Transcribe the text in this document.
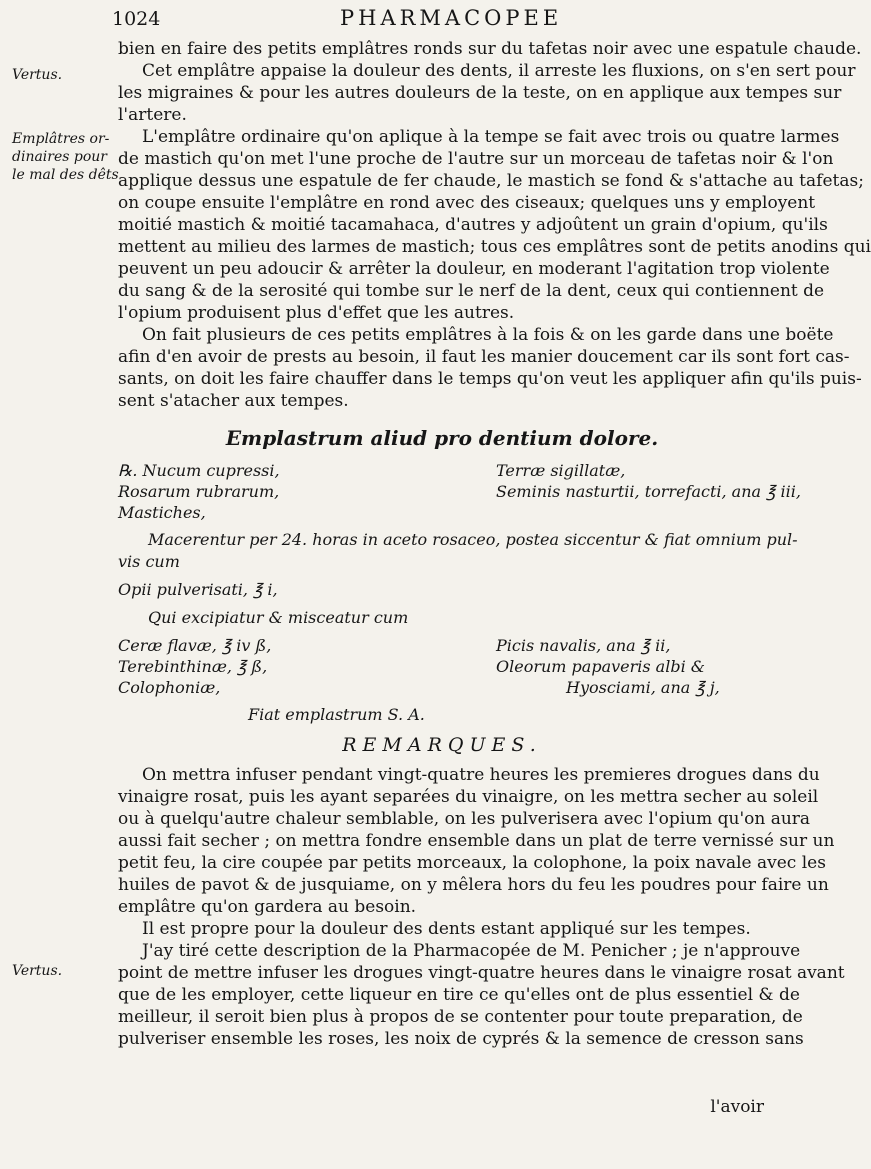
1024	PHARMACOPEE
Vertus.
Emplâtres or-
dinaires pour
le mal des dêts
Vertus.
bien en faire des petits emplâtres ronds sur du tafetas noir avec une espatule chaude.
Cet emplâtre appaise la douleur des dents, il arreste les fluxions, on s'en sert pour
les migraines & pour les autres douleurs de la teste, on en applique aux tempes sur
l'artere.
L'emplâtre ordinaire qu'on aplique à la tempe se fait avec trois ou quatre larmes
de mastich qu'on met l'une proche de l'autre sur un morceau de tafetas noir & l'on
applique dessus une espatule de fer chaude, le mastich se fond & s'attache au tafetas;
on coupe ensuite l'emplâtre en rond avec des ciseaux; quelques uns y employent
moitié mastich & moitié tacamahaca, d'autres y adjoûtent un grain d'opium, qu'ils
mettent au milieu des larmes de mastich; tous ces emplâtres sont de petits anodins qui
peuvent un peu adoucir & arrêter la douleur, en moderant l'agitation trop violente
du sang & de la serosité qui tombe sur le nerf de la dent, ceux qui contiennent de
l'opium produisent plus d'effet que les autres.
On fait plusieurs de ces petits emplâtres à la fois & on les garde dans une boëte
afin d'en avoir de prests au besoin, il faut les manier doucement car ils sont fort cas-
sants, on doit les faire chauffer dans le temps qu'on veut les appliquer afin qu'ils puis-
sent s'atacher aux tempes.
Emplastrum aliud pro dentium dolore.
℞. Nucum cupressi,	Terræ sigillatæ,
Rosarum rubrarum,	Seminis nasturtii, torrefacti, ana ℥ iii,
Mastiches,
Macerentur per 24. horas in aceto rosaceo, postea siccentur & fiat omnium pul-
vis cum
Opii pulverisati, ℥ i,
Qui excipiatur & misceatur cum
Ceræ flavæ, ℥ iv ß,	Picis navalis, ana ℥ ii,
Terebinthinæ, ℥ ß,	Oleorum papaveris albi &
Colophoniæ,	Hyosciami, ana ℥ j,
Fiat emplastrum S. A.
REMARQUES.
On mettra infuser pendant vingt-quatre heures les premieres drogues dans du
vinaigre rosat, puis les ayant separées du vinaigre, on les mettra secher au soleil
ou à quelqu'autre chaleur semblable, on les pulverisera avec l'opium qu'on aura
aussi fait secher ; on mettra fondre ensemble dans un plat de terre vernissé sur un
petit feu, la cire coupée par petits morceaux, la colophone, la poix navale avec les
huiles de pavot & de jusquiame, on y mêlera hors du feu les poudres pour faire un
emplâtre qu'on gardera au besoin.
Il est propre pour la douleur des dents estant appliqué sur les tempes.
J'ay tiré cette description de la Pharmacopée de M. Penicher ; je n'approuve
point de mettre infuser les drogues vingt-quatre heures dans le vinaigre rosat avant
que de les employer, cette liqueur en tire ce qu'elles ont de plus essentiel & de
meilleur, il seroit bien plus à propos de se contenter pour toute preparation, de
pulveriser ensemble les roses, les noix de cyprés & la semence de cresson sans
l'avoir
